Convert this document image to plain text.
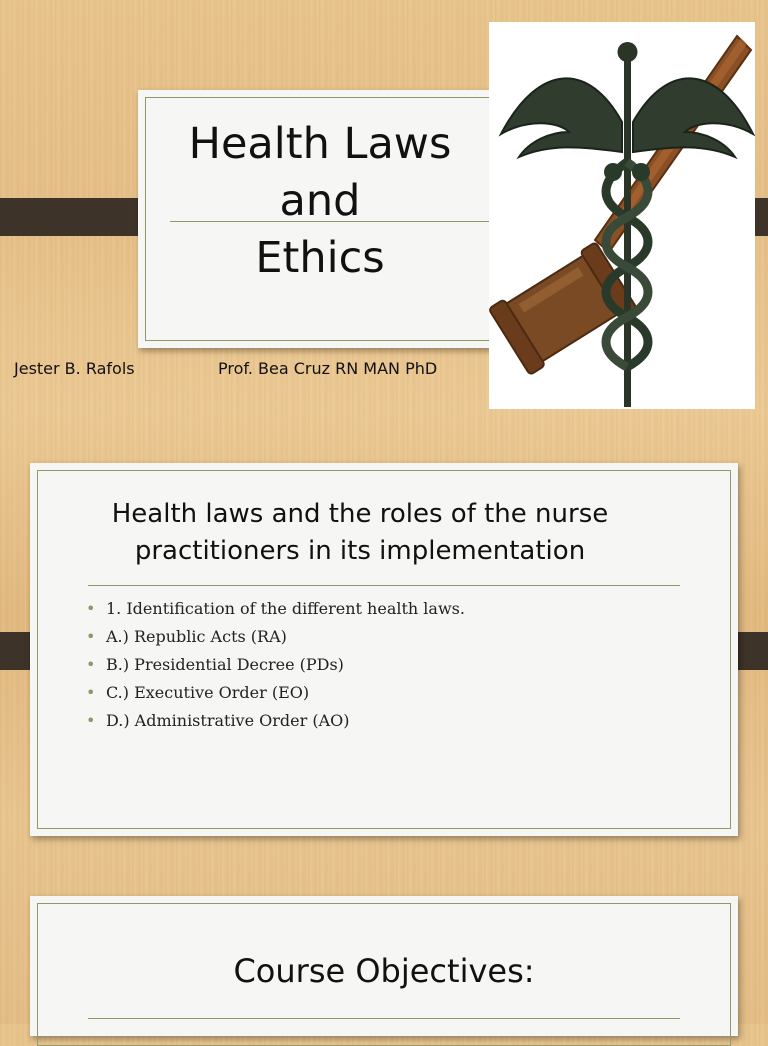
Health Laws
and
Ethics
Jester B. Rafols	Prof. Bea Cruz RN MAN PhD
Health laws and the roles of the nurse
practitioners in its implementation
• 1. Identification of the different health laws.
• A.) Republic Acts (RA)
• B.) Presidential Decree (PDs)
• C.) Executive Order (EO)
• D.) Administrative Order (AO)
Course Objectives:
